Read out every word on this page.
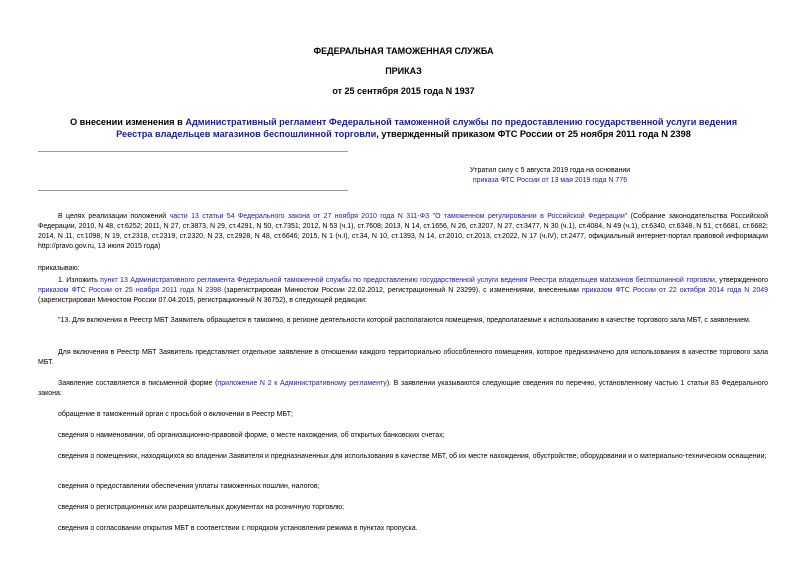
ФЕДЕРАЛЬНАЯ ТАМОЖЕННАЯ СЛУЖБА
ПРИКАЗ
от 25 сентября 2015 года N 1937
О внесении изменения в Административный регламент Федеральной таможенной службы по предоставлению государственной услуги ведения Реестра владельцев магазинов беспошлинной торговли, утвержденный приказом ФТС России от 25 ноября 2011 года N 2398
Утратил силу с 5 августа 2019 года на основании
приказа ФТС России от 13 мая 2019 года N 776
В целях реализации положений части 13 статьи 54 Федерального закона от 27 ноября 2010 года N 311-ФЗ "О таможенном регулировании в Российской Федерации" (Собрание законодательства Российской Федерации, 2010, N 48, ст.6252; 2011, N 27, ст.3873, N 29, ст.4291, N 50, ст.7351; 2012, N 53 (ч.1), ст.7608; 2013, N 14, ст.1656, N 26, ст.3207, N 27, ст.3477, N 30 (ч.1), ст.4084, N 49 (ч.1), ст.6340, ст.6348, N 51, ст.6681, ст.6682; 2014, N 11, ст.1098, N 19, ст.2318, ст.2319, ст.2320, N 23, ст.2928, N 48, ст.6646; 2015, N 1 (ч.I), ст.34, N 10, ст.1393, N 14, ст.2010, ст.2013, ст.2022, N 17 (ч.IV), ст.2477, официальный интернет-портал правовой информации http://pravo.gov.ru, 13 июля 2015 года)
приказываю:
1. Изложить пункт 13 Административного регламента Федеральной таможенной службы по предоставлению государственной услуги ведения Реестра владельцев магазинов беспошлинной торговли, утвержденного приказом ФТС России от 25 ноября 2011 года N 2398 (зарегистрирован Минюстом России 22.02.2012, регистрационный N 23299), с изменениями, внесенными приказом ФТС России от 22 октября 2014 года N 2049 (зарегистрирован Минюстом России 07.04.2015, регистрационный N 36752), в следующей редакции:
"13. Для включения в Реестр МБТ Заявитель обращается в таможню, в регионе деятельности которой располагаются помещения, предполагаемые к использованию в качестве торгового зала МБТ, с заявлением.
Для включения в Реестр МБТ Заявитель представляет отдельное заявление в отношении каждого территориально обособленного помещения, которое предназначено для использования в качестве торгового зала МБТ.
Заявление составляется в письменной форме (приложение N 2 к Административному регламенту). В заявлении указываются следующие сведения по перечню, установленному частью 1 статьи 83 Федерального закона:
обращение в таможенный орган с просьбой о включении в Реестр МБТ;
сведения о наименовании, об организационно-правовой форме, о месте нахождения, об открытых банковских счетах;
сведения о помещениях, находящихся во владении Заявителя и предназначенных для использования в качестве МБТ, об их месте нахождения, обустройстве, оборудовании и о материально-техническом оснащении;
сведения о предоставлении обеспечения уплаты таможенных пошлин, налогов;
сведения о регистрационных или разрешительных документах на розничную торговлю;
сведения о согласовании открытия МБТ в соответствии с порядком установления режима в пунктах пропуска.
